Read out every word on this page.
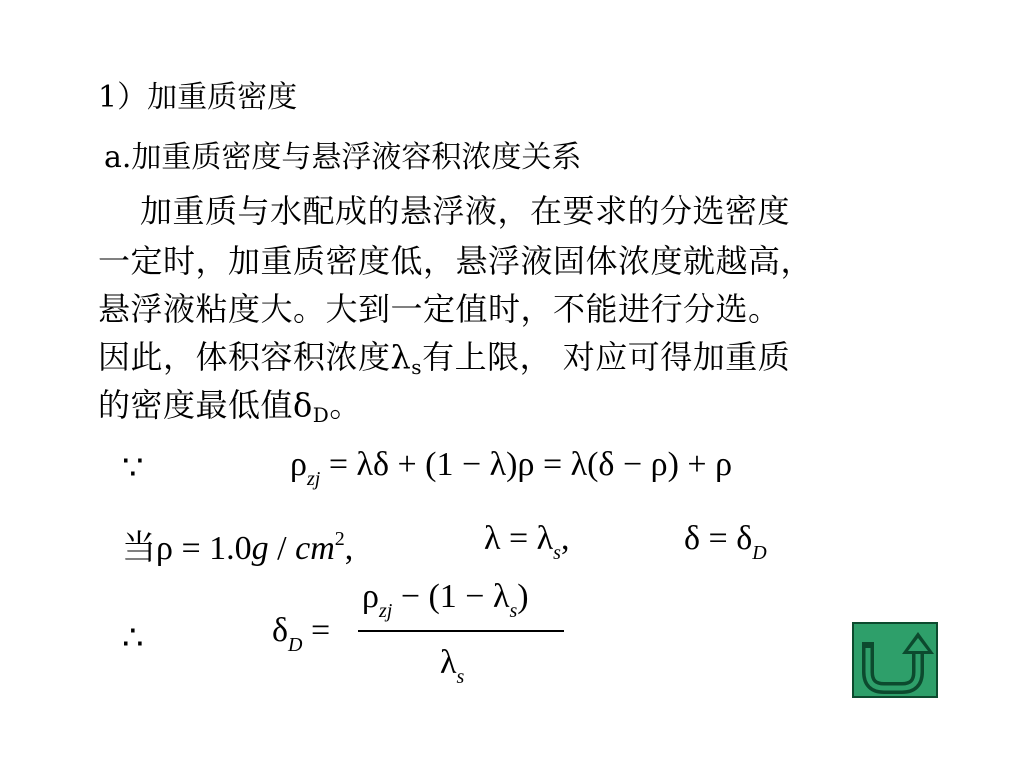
1）加重质密度
a.加重质密度与悬浮液容积浓度关系
加重质与水配成的悬浮液，在要求的分选密度
一定时，加重质密度低，悬浮液固体浓度就越高，
悬浮液粘度大。大到一定值时，不能进行分选。
因此，体积容积浓度$\lambda_s$有上限， 对应可得加重质
的密度最低值$\delta_D$。
∵	$\rho_{zj} = \lambda\delta + (1 - \lambda)\rho = \lambda(\delta - \rho) + \rho$
当$\rho = 1.0g / cm^2$,	$\lambda = \lambda_s$,	$\delta = \delta_D$
∴	$\delta_D$ =
$\rho_{zj} - (1 - \lambda_s)$
$\lambda_s$
